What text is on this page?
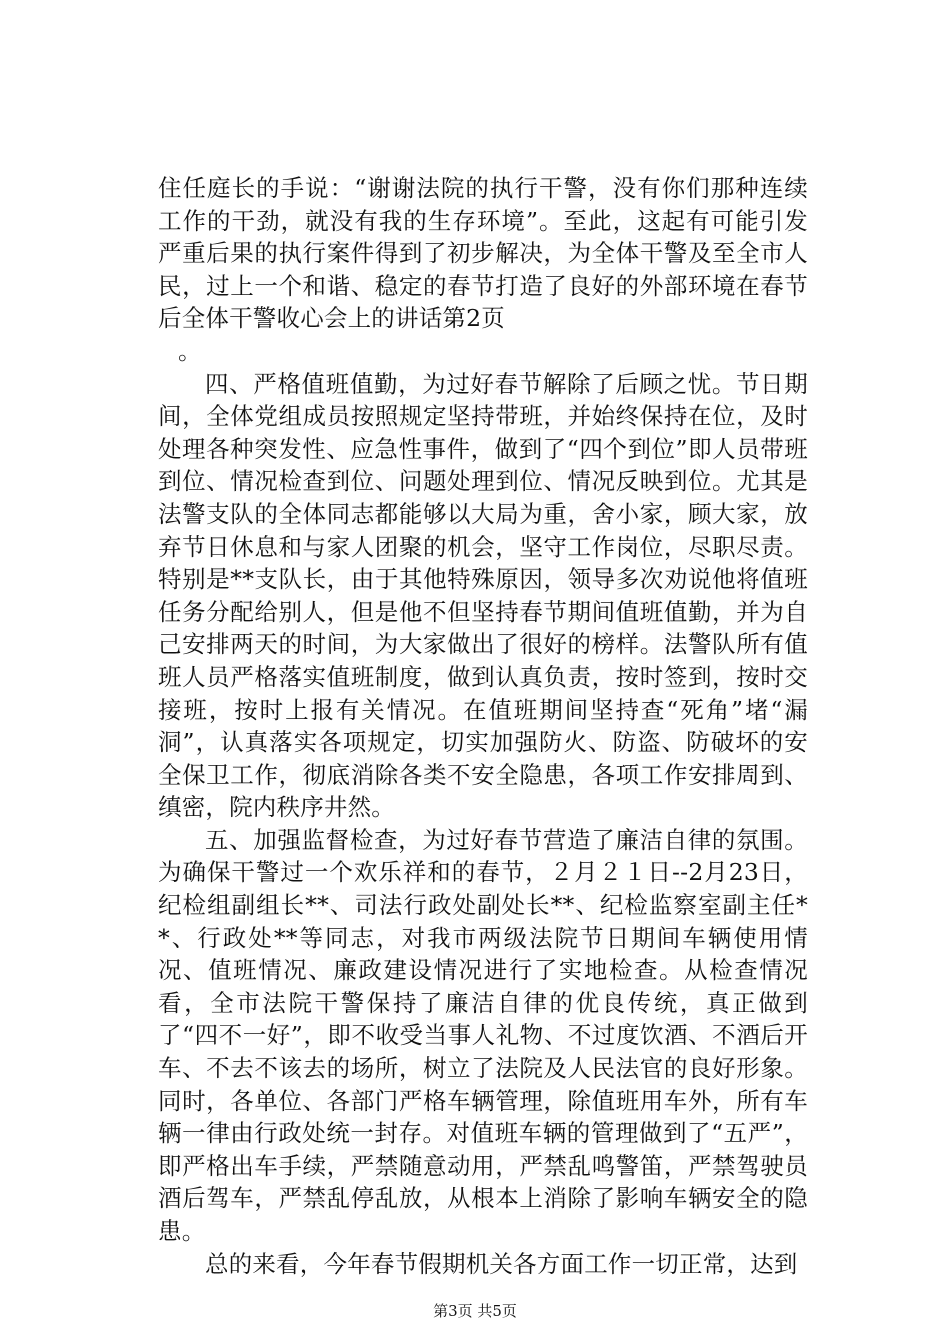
住任庭长的手说：“谢谢法院的执行干警，没有你们那种连续工作的干劲，就没有我的生存环境”。至此，这起有可能引发严重后果的执行案件得到了初步解决，为全体干警及至全市人民，过上一个和谐、稳定的春节打造了良好的外部环境在春节后全体干警收心会上的讲话第2页

。

四、严格值班值勤，为过好春节解除了后顾之忧。节日期间，全体党组成员按照规定坚持带班，并始终保持在位，及时处理各种突发性、应急性事件，做到了“四个到位”即人员带班到位、情况检查到位、问题处理到位、情况反映到位。尤其是法警支队的全体同志都能够以大局为重，舍小家，顾大家，放弃节日休息和与家人团聚的机会，坚守工作岗位，尽职尽责。特别是**支队长，由于其他特殊原因，领导多次劝说他将值班任务分配给别人，但是他不但坚持春节期间值班值勤，并为自己安排两天的时间，为大家做出了很好的榜样。法警队所有值班人员严格落实值班制度，做到认真负责，按时签到，按时交接班，按时上报有关情况。在值班期间坚持查“死角”堵“漏洞”，认真落实各项规定，切实加强防火、防盗、防破坏的安全保卫工作，彻底消除各类不安全隐患，各项工作安排周到、缜密，院内秩序井然。

五、加强监督检查，为过好春节营造了廉洁自律的氛围。为确保干警过一个欢乐祥和的春节，２月２１日--2月23日，纪检组副组长**、司法行政处副处长**、纪检监察室副主任**、行政处**等同志，对我市两级法院节日期间车辆使用情况、值班情况、廉政建设情况进行了实地检查。从检查情况看，全市法院干警保持了廉洁自律的优良传统，真正做到了“四不一好”，即不收受当事人礼物、不过度饮酒、不酒后开车、不去不该去的场所，树立了法院及人民法官的良好形象。同时，各单位、各部门严格车辆管理，除值班用车外，所有车辆一律由行政处统一封存。对值班车辆的管理做到了“五严”，即严格出车手续，严禁随意动用，严禁乱鸣警笛，严禁驾驶员酒后驾车，严禁乱停乱放，从根本上消除了影响车辆安全的隐患。

总的来看，今年春节假期机关各方面工作一切正常，达到

第3页 共5页
